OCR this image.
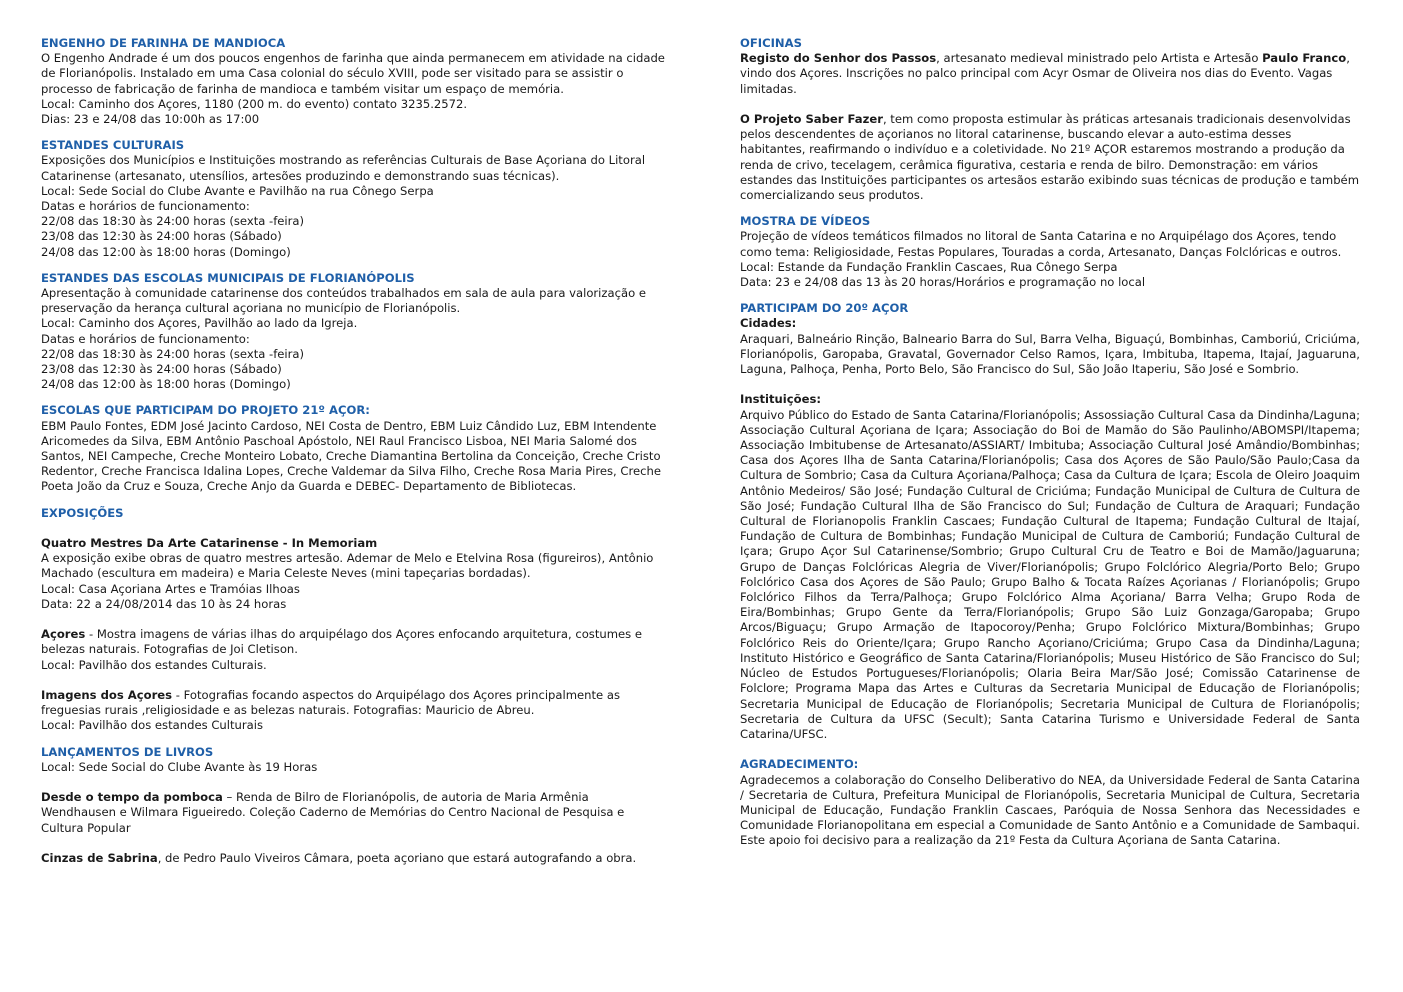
ENGENHO DE FARINHA DE MANDIOCA

O Engenho Andrade é um dos poucos engenhos de farinha que ainda permanecem em atividade na cidade de Florianópolis. Instalado em uma Casa colonial do século XVIII, pode ser visitado para se assistir o processo de fabricação de farinha de mandioca e também visitar um espaço de memória.

Local: Caminho dos Açores, 1180 (200 m. do evento) contato 3235.2572.

Dias: 23 e 24/08 das 10:00h as 17:00

ESTANDES CULTURAIS

Exposições dos Municípios e Instituições mostrando as referências Culturais de Base Açoriana do Litoral Catarinense (artesanato, utensílios, artesões produzindo e demonstrando suas técnicas).

Local: Sede Social do Clube Avante e Pavilhão na rua Cônego Serpa

Datas e horários de funcionamento:

22/08 das 18:30 às 24:00 horas (sexta -feira)

23/08 das 12:30 às 24:00 horas (Sábado)

24/08 das 12:00 às 18:00 horas (Domingo)

ESTANDES DAS ESCOLAS MUNICIPAIS DE FLORIANÓPOLIS

Apresentação à comunidade catarinense dos conteúdos trabalhados em sala de aula para valorização e preservação da herança cultural açoriana no município de Florianópolis.

Local: Caminho dos Açores, Pavilhão ao lado da Igreja.

Datas e horários de funcionamento:

22/08 das 18:30 às 24:00 horas (sexta -feira)

23/08 das 12:30 às 24:00 horas (Sábado)

24/08 das 12:00 às 18:00 horas (Domingo)

ESCOLAS QUE PARTICIPAM DO PROJETO 21º AÇOR:

EBM Paulo Fontes, EDM José Jacinto Cardoso, NEI Costa de Dentro, EBM Luiz Cândido Luz, EBM Intendente Aricomedes da Silva, EBM Antônio Paschoal Apóstolo, NEI Raul Francisco Lisboa, NEI Maria Salomé dos Santos, NEI Campeche, Creche Monteiro Lobato, Creche Diamantina Bertolina da Conceição, Creche Cristo Redentor, Creche Francisca Idalina Lopes, Creche Valdemar da Silva Filho, Creche Rosa Maria Pires, Creche Poeta João da Cruz e Souza, Creche Anjo da Guarda e DEBEC- Departamento de Bibliotecas.

EXPOSIÇÕES

Quatro Mestres Da Arte Catarinense - In Memoriam

A exposição exibe obras de quatro mestres artesão. Ademar de Melo e Etelvina Rosa (figureiros), Antônio Machado (escultura em madeira) e Maria Celeste Neves (mini tapeçarias bordadas).

Local: Casa Açoriana Artes e Tramóias Ilhoas

Data: 22 a 24/08/2014 das 10 às 24 horas

Açores - Mostra imagens de várias ilhas do arquipélago dos Açores enfocando arquitetura, costumes e belezas naturais. Fotografias de Joi Cletison.

Local: Pavilhão dos estandes Culturais.

Imagens dos Açores - Fotografias focando aspectos do Arquipélago dos Açores principalmente as freguesias rurais ,religiosidade e as belezas naturais. Fotografias: Mauricio de Abreu.

Local: Pavilhão dos estandes Culturais

LANÇAMENTOS DE LIVROS

Local: Sede Social do Clube Avante às 19 Horas

Desde o tempo da pomboca – Renda de Bilro de Florianópolis, de autoria de Maria Armênia Wendhausen e Wilmara Figueiredo. Coleção Caderno de Memórias do Centro Nacional de Pesquisa e Cultura Popular

Cinzas de Sabrina, de Pedro Paulo Viveiros Câmara, poeta açoriano que estará autografando a obra.

OFICINAS

Registo do Senhor dos Passos, artesanato medieval ministrado pelo Artista e Artesão Paulo Franco, vindo dos Açores. Inscrições no palco principal com Acyr Osmar de Oliveira nos dias do Evento. Vagas limitadas.

O Projeto Saber Fazer, tem como proposta estimular às práticas artesanais tradicionais desenvolvidas pelos descendentes de açorianos no litoral catarinense, buscando elevar a auto-estima desses habitantes, reafirmando o indivíduo e a coletividade. No 21º AÇOR estaremos mostrando a produção da renda de crivo, tecelagem, cerâmica figurativa, cestaria e renda de bilro. Demonstração: em vários estandes das Instituições participantes os artesãos estarão exibindo suas técnicas de produção e também comercializando seus produtos.

MOSTRA DE VÍDEOS

Projeção de vídeos temáticos filmados no litoral de Santa Catarina e no Arquipélago dos Açores, tendo como tema: Religiosidade, Festas Populares, Touradas a corda, Artesanato, Danças Folclóricas e outros.

Local: Estande da Fundação Franklin Cascaes, Rua Cônego Serpa

Data: 23 e 24/08 das 13 às 20 horas/Horários e programação no local

PARTICIPAM DO 20º AÇOR

Cidades:

Araquari, Balneário Rinção, Balneario Barra do Sul, Barra Velha, Biguaçú, Bombinhas, Camboriú, Criciúma, Florianópolis, Garopaba, Gravatal, Governador Celso Ramos, Içara, Imbituba, Itapema, Itajaí, Jaguaruna, Laguna, Palhoça, Penha, Porto Belo, São Francisco do Sul, São João Itaperiu, São José e Sombrio.

Instituições:

Arquivo Público do Estado de Santa Catarina/Florianópolis; Assossiação Cultural Casa da Dindinha/Laguna; Associação Cultural Açoriana de Içara; Associação do Boi de Mamão do São Paulinho/ABOMSPI/Itapema; Associação Imbitubense de Artesanato/ASSIART/ Imbituba; Associação Cultural José Amândio/Bombinhas; Casa dos Açores Ilha de Santa Catarina/Florianópolis; Casa dos Açores de São Paulo/São Paulo;Casa da Cultura de Sombrio; Casa da Cultura Açoriana/Palhoça; Casa da Cultura de Içara; Escola de Oleiro Joaquim Antônio Medeiros/ São José; Fundação Cultural de Criciúma; Fundação Municipal de Cultura de Cultura de São José; Fundação Cultural Ilha de São Francisco do Sul; Fundação de Cultura de Araquari; Fundação Cultural de Florianopolis Franklin Cascaes; Fundação Cultural de Itapema; Fundação Cultural de Itajaí, Fundação de Cultura de Bombinhas; Fundação Municipal de Cultura de Camboriú; Fundação Cultural de Içara; Grupo Açor Sul Catarinense/Sombrio; Grupo Cultural Cru de Teatro e Boi de Mamão/Jaguaruna; Grupo de Danças Folclóricas Alegria de Viver/Florianópolis; Grupo Folclórico Alegria/Porto Belo; Grupo Folclórico Casa dos Açores de São Paulo; Grupo Balho & Tocata Raízes Açorianas / Florianópolis; Grupo Folclórico Filhos da Terra/Palhoça; Grupo Folclórico Alma Açoriana/ Barra Velha; Grupo Roda de Eira/Bombinhas; Grupo Gente da Terra/Florianópolis; Grupo São Luiz Gonzaga/Garopaba; Grupo Arcos/Biguaçu; Grupo Armação de Itapocoroy/Penha; Grupo Folclórico Mixtura/Bombinhas; Grupo Folclórico Reis do Oriente/Içara; Grupo Rancho Açoriano/Criciúma; Grupo Casa da Dindinha/Laguna; Instituto Histórico e Geográfico de Santa Catarina/Florianópolis; Museu Histórico de São Francisco do Sul; Núcleo de Estudos Portugueses/Florianópolis; Olaria Beira Mar/São José; Comissão Catarinense de Folclore; Programa Mapa das Artes e Culturas da Secretaria Municipal de Educação de Florianópolis; Secretaria Municipal de Educação de Florianópolis; Secretaria Municipal de Cultura de Florianópolis; Secretaria de Cultura da UFSC (Secult); Santa Catarina Turismo e Universidade Federal de Santa Catarina/UFSC.

AGRADECIMENTO:

Agradecemos a colaboração do Conselho Deliberativo do NEA, da Universidade Federal de Santa Catarina / Secretaria de Cultura, Prefeitura Municipal de Florianópolis, Secretaria Municipal de Cultura, Secretaria Municipal de Educação, Fundação Franklin Cascaes, Paróquia de Nossa Senhora das Necessidades e Comunidade Florianopolitana em especial a Comunidade de Santo Antônio e a Comunidade de Sambaqui. Este apoio foi decisivo para a realização da 21º Festa da Cultura Açoriana de Santa Catarina.
